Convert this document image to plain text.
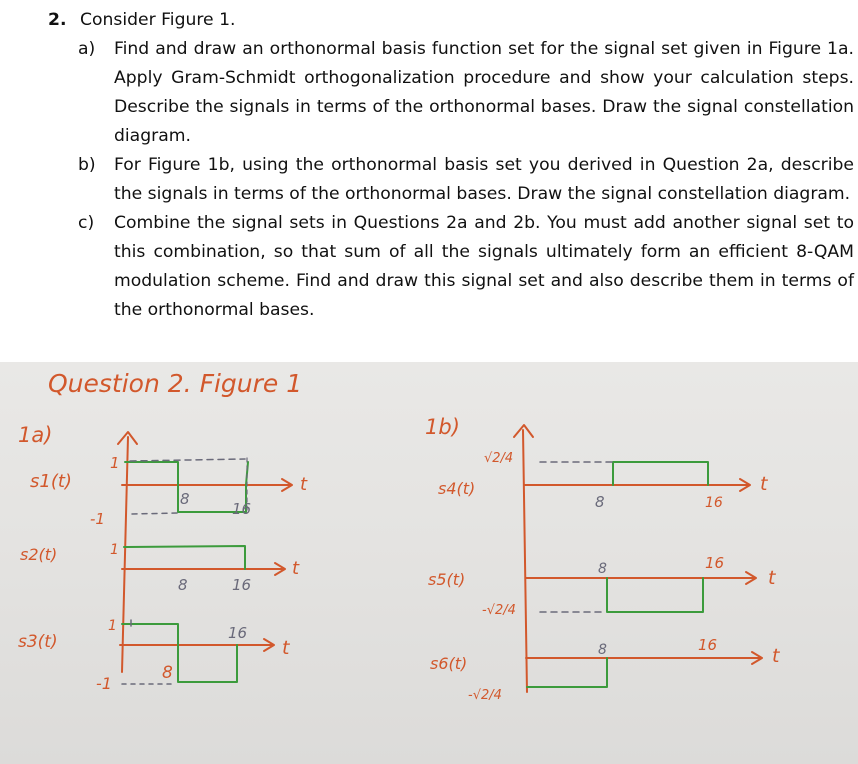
2. Consider Figure 1.
a)	Find and draw an orthonormal basis function set for the signal set given in Figure 1a. Apply Gram-Schmidt orthogonalization procedure and show your calculation steps. Describe the signals in terms of the orthonormal bases. Draw the signal constellation diagram.
b)	For Figure 1b, using the orthonormal basis set you derived in Question 2a, describe the signals in terms of the orthonormal bases. Draw the signal constellation diagram.
c)	Combine the signal sets in Questions 2a and 2b. You must add another signal set to this combination, so that sum of all the signals ultimately form an efficient 8-QAM modulation scheme. Find and draw this signal set and also describe them in terms of the orthonormal bases.
Question 2. Figure 1
1a)
s1(t)
1
-1
8
16
t
s2(t)	1
8	16
t
s3(t)
1
-1
8
16
t
1b)
s4(t)
√2/4
8	16
t
s5(t)
-√2/4
8	16
t
s6(t)
-√2/4
8	16	t
